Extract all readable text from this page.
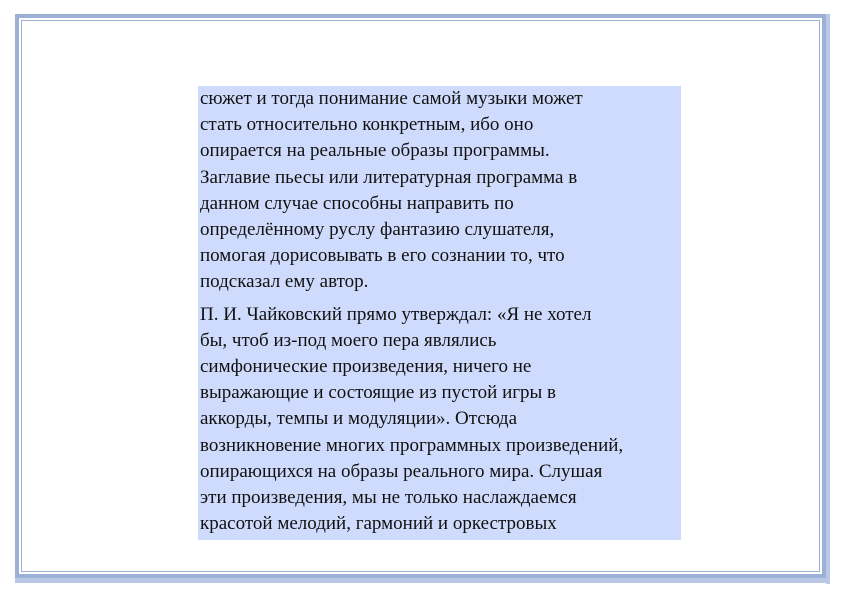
сюжет и тогда понимание самой музыки может
стать относительно конкретным, ибо оно
опирается на реальные образы программы.
Заглавие пьесы или литературная программа в
данном случае способны направить по
определённому руслу фантазию слушателя,
помогая дорисовывать в его сознании то, что
подсказал ему автор.

П. И. Чайковский прямо утверждал: «Я не хотел
бы, чтоб из-под моего пера являлись
симфонические произведения, ничего не
выражающие и состоящие из пустой игры в
аккорды, темпы и модуляции». Отсюда
возникновение многих программных произведений,
опирающихся на образы реального мира. Слушая
эти произведения, мы не только наслаждаемся
красотой мелодий, гармоний и оркестровых
